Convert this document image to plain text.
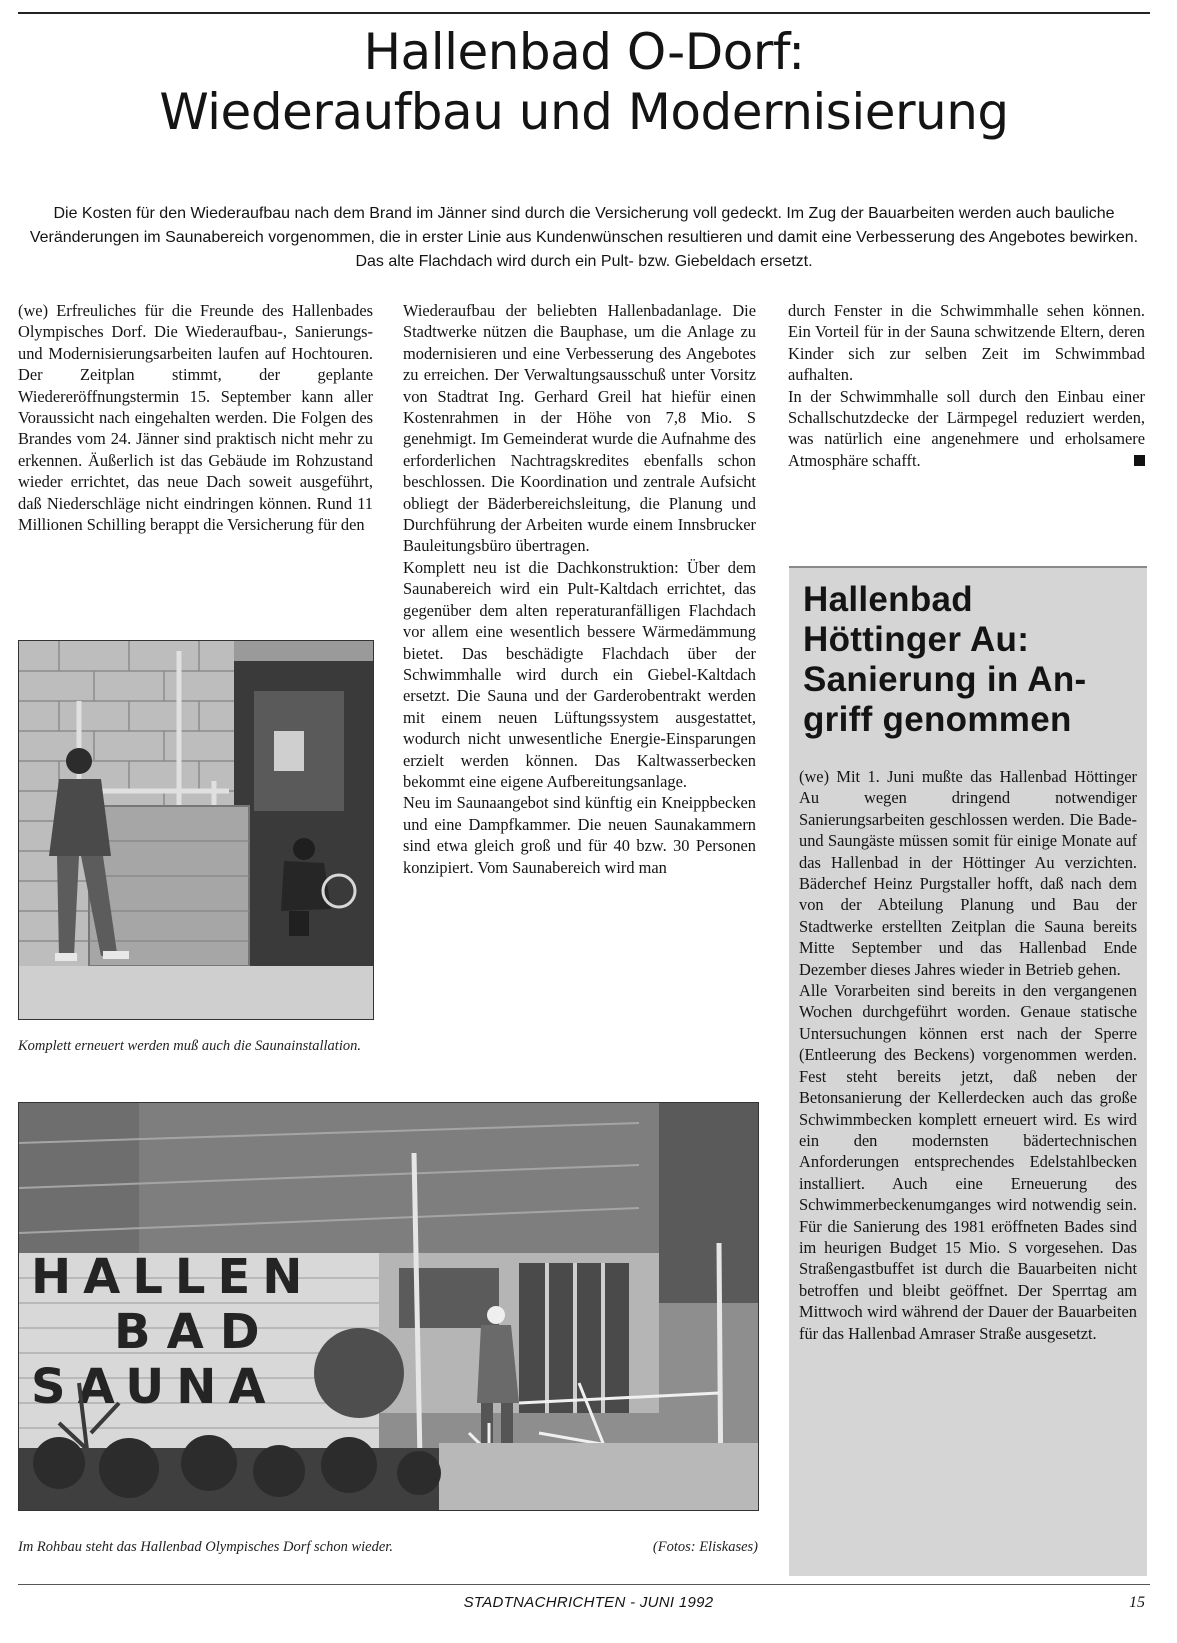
Hallenbad O-Dorf:
Wiederaufbau und Modernisierung

Die Kosten für den Wiederaufbau nach dem Brand im Jänner sind durch die Versicherung voll gedeckt. Im Zug der Bauarbeiten werden auch bauliche Veränderungen im Saunabereich vorgenommen, die in erster Linie aus Kundenwünschen resultieren und damit eine Verbesserung des Angebotes bewirken. Das alte Flachdach wird durch ein Pult- bzw. Giebeldach ersetzt.

(we) Erfreuliches für die Freunde des Hallenbades Olympisches Dorf. Die Wiederaufbau-, Sanierungs- und Modernisierungsarbeiten laufen auf Hochtouren. Der Zeitplan stimmt, der geplante Wiedereröffnungstermin 15. September kann aller Voraussicht nach eingehalten werden. Die Folgen des Brandes vom 24. Jänner sind praktisch nicht mehr zu erkennen. Äußerlich ist das Gebäude im Rohzustand wieder errichtet, das neue Dach soweit ausgeführt, daß Niederschläge nicht eindringen können. Rund 11 Millionen Schilling berappt die Versicherung für den

Komplett erneuert werden muß auch die Saunainstallation.

Wiederaufbau der beliebten Hallenbadanlage. Die Stadtwerke nützen die Bauphase, um die Anlage zu modernisieren und eine Verbesserung des Angebotes zu erreichen. Der Verwaltungsausschuß unter Vorsitz von Stadtrat Ing. Gerhard Greil hat hiefür einen Kostenrahmen in der Höhe von 7,8 Mio. S genehmigt. Im Gemeinderat wurde die Aufnahme des erforderlichen Nachtragskredites ebenfalls schon beschlossen. Die Koordination und zentrale Aufsicht obliegt der Bäderbereichsleitung, die Planung und Durchführung der Arbeiten wurde einem Innsbrucker Bauleitungsbüro übertragen.

Komplett neu ist die Dachkonstruktion: Über dem Saunabereich wird ein Pult-Kaltdach errichtet, das gegenüber dem alten reperaturanfälligen Flachdach vor allem eine wesentlich bessere Wärmedämmung bietet. Das beschädigte Flachdach über der Schwimmhalle wird durch ein Giebel-Kaltdach ersetzt. Die Sauna und der Garderobentrakt werden mit einem neuen Lüftungssystem ausgestattet, wodurch nicht unwesentliche Energie-Einsparungen erzielt werden können. Das Kaltwasserbecken bekommt eine eigene Aufbereitungsanlage.

Neu im Saunaangebot sind künftig ein Kneippbecken und eine Dampfkammer. Die neuen Saunakammern sind etwa gleich groß und für 40 bzw. 30 Personen konzipiert. Vom Saunabereich wird man

durch Fenster in die Schwimmhalle sehen können. Ein Vorteil für in der Sauna schwitzende Eltern, deren Kinder sich zur selben Zeit im Schwimmbad aufhalten.

In der Schwimmhalle soll durch den Einbau einer Schallschutzdecke der Lärmpegel reduziert werden, was natürlich eine angenehmere und erholsamere Atmosphäre schafft.

HALLEN
BAD
SAUNA
Im Rohbau steht das Hallenbad Olympisches Dorf schon wieder.	(Fotos: Eliskases)
Hallenbad
Höttinger Au:
Sanierung in An-
griff genommen

(we) Mit 1. Juni mußte das Hallenbad Höttinger Au wegen dringend notwendiger Sanierungsarbeiten geschlossen werden. Die Bade- und Saungäste müssen somit für einige Monate auf das Hallenbad in der Höttinger Au verzichten. Bäderchef Heinz Purgstaller hofft, daß nach dem von der Abteilung Planung und Bau der Stadtwerke erstellten Zeitplan die Sauna bereits Mitte September und das Hallenbad Ende Dezember dieses Jahres wieder in Betrieb gehen.

Alle Vorarbeiten sind bereits in den vergangenen Wochen durchgeführt worden. Genaue statische Untersuchungen können erst nach der Sperre (Entleerung des Beckens) vorgenommen werden. Fest steht bereits jetzt, daß neben der Betonsanierung der Kellerdecken auch das große Schwimmbecken komplett erneuert wird. Es wird ein den modernsten bädertechnischen Anforderungen entsprechendes Edelstahlbecken installiert. Auch eine Erneuerung des Schwimmerbeckenumganges wird notwendig sein. Für die Sanierung des 1981 eröffneten Bades sind im heurigen Budget 15 Mio. S vorgesehen. Das Straßengastbuffet ist durch die Bauarbeiten nicht betroffen und bleibt geöffnet. Der Sperrtag am Mittwoch wird während der Dauer der Bauarbeiten für das Hallenbad Amraser Straße ausgesetzt.

STADTNACHRICHTEN - JUNI 1992	15
